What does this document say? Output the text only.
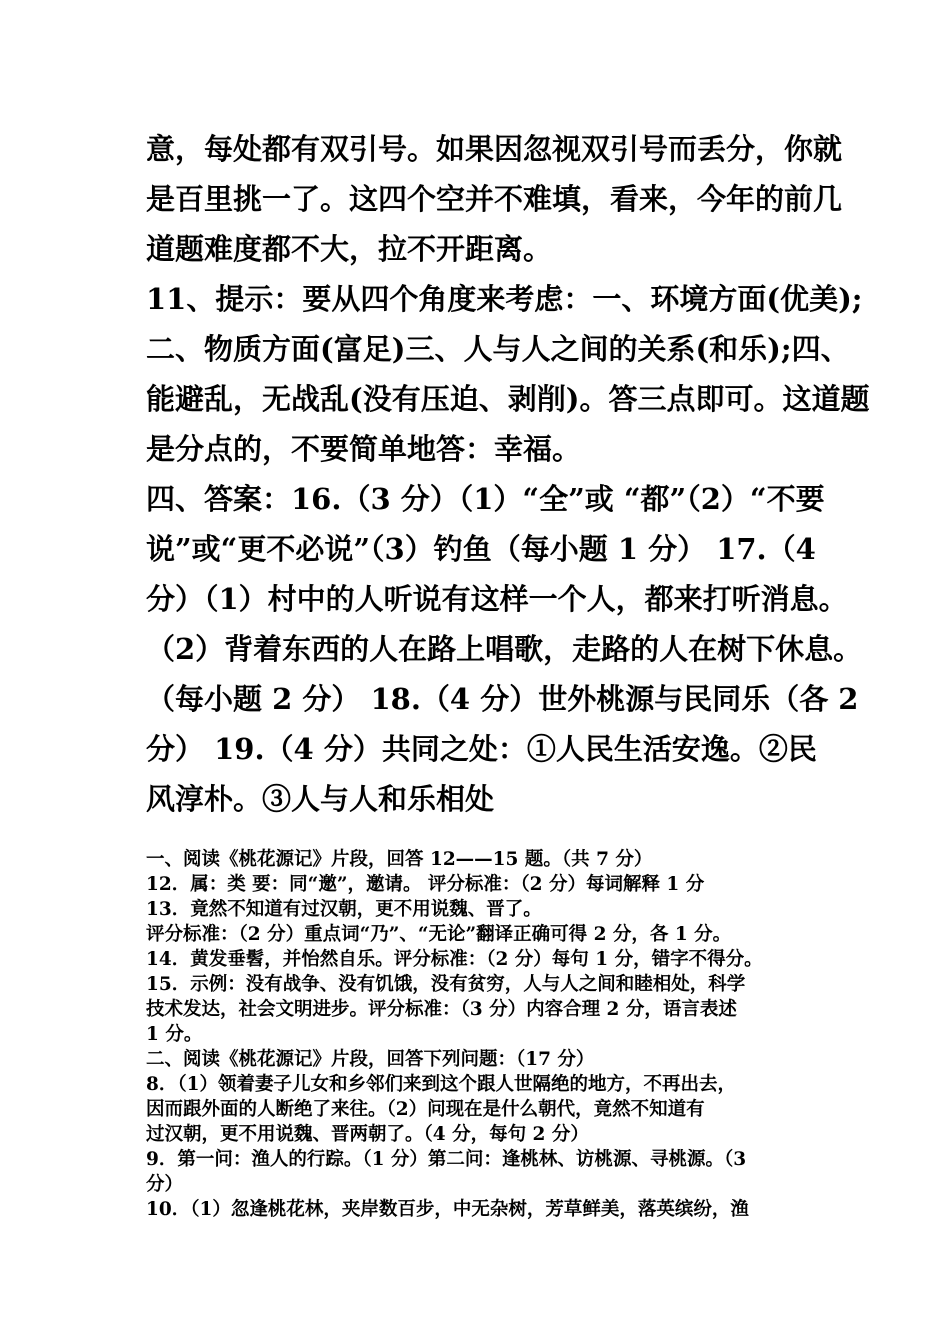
意，每处都有双引号。如果因忽视双引号而丢分，你就

是百里挑一了。这四个空并不难填，看来，今年的前几

道题难度都不大，拉不开距离。

11、提示：要从四个角度来考虑：一、环境方面(优美);

二、物质方面(富足)三、人与人之间的关系(和乐);四、

能避乱，无战乱(没有压迫、剥削)。答三点即可。这道题

是分点的，不要简单地答：幸福。

四、答案：16.（3 分）（1）“全”或 “都”（2）“不要

说”或“更不必说”（3）钓鱼（每小题 1 分） 17.（4

分）（1）村中的人听说有这样一个人，都来打听消息。

（2）背着东西的人在路上唱歌，走路的人在树下休息。

（每小题 2 分） 18.（4 分）世外桃源与民同乐（各 2

分） 19.（4 分）共同之处：①人民生活安逸。②民

风淳朴。③人与人和乐相处

一、阅读《桃花源记》片段，回答 12——15 题。（共 7 分）

12．属：类 要：同“邀”，邀请。 评分标准：（2 分）每词解释 1 分

13．竟然不知道有过汉朝，更不用说魏、晋了。

评分标准：（2 分）重点词“乃”、“无论”翻译正确可得 2 分，各 1 分。

14．黄发垂髫，并怡然自乐。评分标准：（2 分）每句 1 分，错字不得分。

15．示例：没有战争、没有饥饿，没有贫穷，人与人之间和睦相处，科学

技术发达，社会文明进步。评分标准：（3 分）内容合理 2 分，语言表述

1 分。

二、阅读《桃花源记》片段，回答下列问题：（17 分）

8．（1）领着妻子儿女和乡邻们来到这个跟人世隔绝的地方，不再出去，

因而跟外面的人断绝了来往。（2）问现在是什么朝代，竟然不知道有

过汉朝，更不用说魏、晋两朝了。（4 分，每句 2 分）

9．第一问：渔人的行踪。（1 分）第二问：逢桃林、访桃源、寻桃源。（3

分）

10．（1）忽逢桃花林，夹岸数百步，中无杂树，芳草鲜美，落英缤纷，渔
